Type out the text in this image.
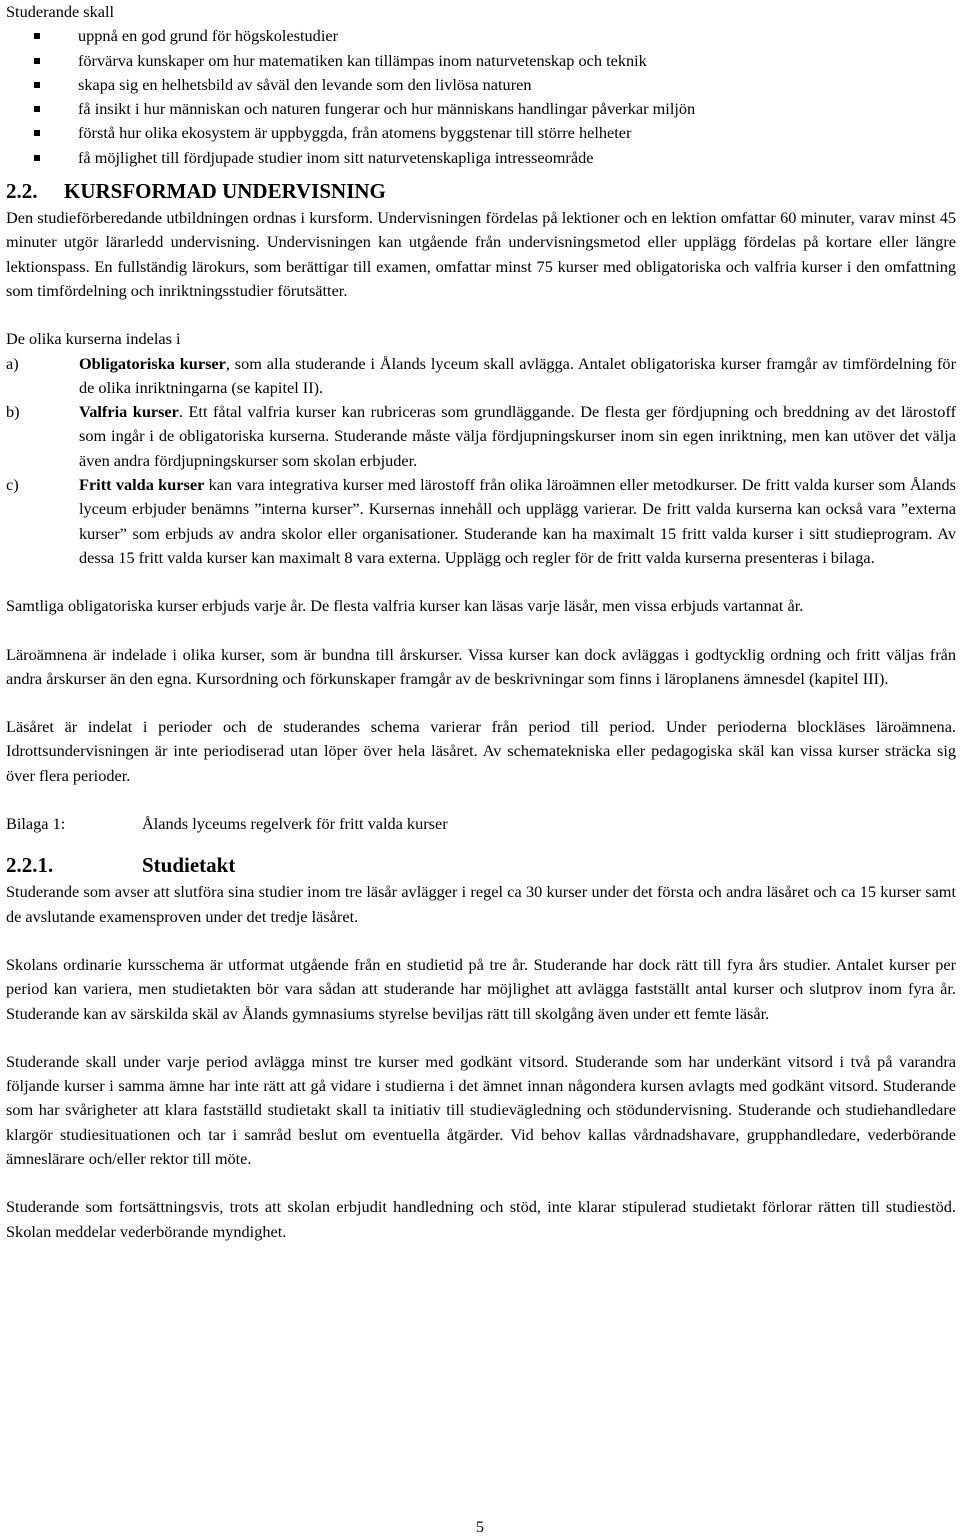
Studerande skall

uppnå en god grund för högskolestudier
förvärva kunskaper om hur matematiken kan tillämpas inom naturvetenskap och teknik
skapa sig en helhetsbild av såväl den levande som den livlösa naturen
få insikt i hur människan och naturen fungerar och hur människans handlingar påverkar miljön
förstå hur olika ekosystem är uppbyggda, från atomens byggstenar till större helheter
få möjlighet till fördjupade studier inom sitt naturvetenskapliga intresseområde
2.2. KURSFORMAD UNDERVISNING

Den studieförberedande utbildningen ordnas i kursform. Undervisningen fördelas på lektioner och en lektion omfattar 60 minuter, varav minst 45 minuter utgör lärarledd undervisning. Undervisningen kan utgående från undervisningsmetod eller upplägg fördelas på kortare eller längre lektionspass. En fullständig lärokurs, som berättigar till examen, omfattar minst 75 kurser med obligatoriska och valfria kurser i den omfattning som timfördelning och inriktningsstudier förutsätter.

De olika kurserna indelas i

a)	Obligatoriska kurser, som alla studerande i Ålands lyceum skall avlägga. Antalet obligatoriska kurser framgår av timfördelning för de olika inriktningarna (se kapitel II).
b)	Valfria kurser. Ett fåtal valfria kurser kan rubriceras som grundläggande. De flesta ger fördjupning och breddning av det lärostoff som ingår i de obligatoriska kurserna. Studerande måste välja fördjupningskurser inom sin egen inriktning, men kan utöver det välja även andra fördjupningskurser som skolan erbjuder.
c)	Fritt valda kurser kan vara integrativa kurser med lärostoff från olika läroämnen eller metodkurser. De fritt valda kurser som Ålands lyceum erbjuder benämns ”interna kurser”. Kursernas innehåll och upplägg varierar. De fritt valda kurserna kan också vara ”externa kurser” som erbjuds av andra skolor eller organisationer. Studerande kan ha maximalt 15 fritt valda kurser i sitt studieprogram. Av dessa 15 fritt valda kurser kan maximalt 8 vara externa. Upplägg och regler för de fritt valda kurserna presenteras i bilaga.

Samtliga obligatoriska kurser erbjuds varje år. De flesta valfria kurser kan läsas varje läsår, men vissa erbjuds vartannat år.

Läroämnena är indelade i olika kurser, som är bundna till årskurser. Vissa kurser kan dock avläggas i godtycklig ordning och fritt väljas från andra årskurser än den egna. Kursordning och förkunskaper framgår av de beskrivningar som finns i läroplanens ämnesdel (kapitel III).

Läsåret är indelat i perioder och de studerandes schema varierar från period till period. Under perioderna blockläses läroämnena. Idrottsundervisningen är inte periodiserad utan löper över hela läsåret. Av schematekniska eller pedagogiska skäl kan vissa kurser sträcka sig över flera perioder.

Bilaga 1:	Ålands lyceums regelverk för fritt valda kurser
2.2.1.	Studietakt

Studerande som avser att slutföra sina studier inom tre läsår avlägger i regel ca 30 kurser under det första och andra läsåret och ca 15 kurser samt de avslutande examensproven under det tredje läsåret.

Skolans ordinarie kursschema är utformat utgående från en studietid på tre år. Studerande har dock rätt till fyra års studier. Antalet kurser per period kan variera, men studietakten bör vara sådan att studerande har möjlighet att avlägga fastställt antal kurser och slutprov inom fyra år. Studerande kan av särskilda skäl av Ålands gymnasiums styrelse beviljas rätt till skolgång även under ett femte läsår.

Studerande skall under varje period avlägga minst tre kurser med godkänt vitsord. Studerande som har underkänt vitsord i två på varandra följande kurser i samma ämne har inte rätt att gå vidare i studierna i det ämnet innan någondera kursen avlagts med godkänt vitsord. Studerande som har svårigheter att klara fastställd studietakt skall ta initiativ till studievägledning och stödundervisning. Studerande och studiehandledare klargör studiesituationen och tar i samråd beslut om eventuella åtgärder. Vid behov kallas vårdnadshavare, grupphandledare, vederbörande ämneslärare och/eller rektor till möte.

Studerande som fortsättningsvis, trots att skolan erbjudit handledning och stöd, inte klarar stipulerad studietakt förlorar rätten till studiestöd. Skolan meddelar vederbörande myndighet.

5
